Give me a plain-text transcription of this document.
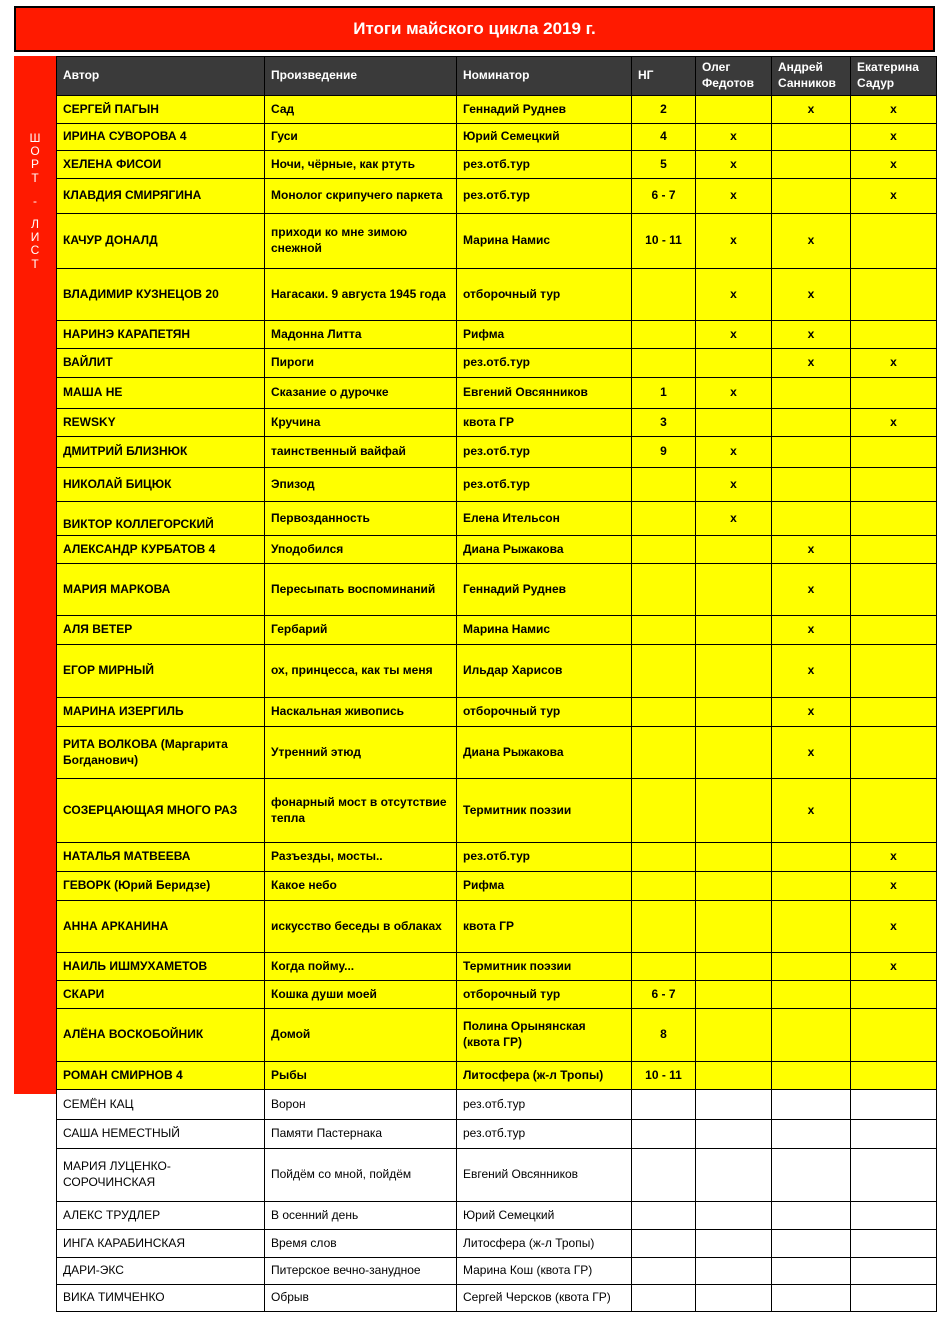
Итоги майского цикла 2019 г.
Ш
О
Р
Т
-
Л
И
С
Т
Автор	Произведение	Номинатор	НГ	Олег Федотов	Андрей Санников	Екатерина Садур
СЕРГЕЙ ПАГЫН	Сад	Геннадий Руднев	2		x	x
ИРИНА СУВОРОВА 4	Гуси	Юрий Семецкий	4	x		x
ХЕЛЕНА ФИСОИ	Ночи, чёрные, как ртуть	рез.отб.тур	5	x		x
КЛАВДИЯ СМИРЯГИНА	Монолог скрипучего паркета	рез.отб.тур	6 - 7	x		x
КАЧУР ДОНАЛД	приходи ко мне зимою снежной	Марина Намис	10 - 11	x	x	
ВЛАДИМИР КУЗНЕЦОВ 20	Нагасаки. 9 августа 1945 года	отборочный тур		x	x	
НАРИНЭ КАРАПЕТЯН	Мадонна Литта	Рифма		x	x	
ВАЙЛИТ	Пироги	рез.отб.тур			x	x
МАША НЕ	Сказание о дурочке	Евгений Овсянников	1	x		
REWSKY	Кручина	квота ГР	3			x
ДМИТРИЙ БЛИЗНЮК	таинственный вайфай	рез.отб.тур	9	x		
НИКОЛАЙ БИЦЮК	Эпизод	рез.отб.тур		x		
ВИКТОР КОЛЛЕГОРСКИЙ	Первозданность	Елена Ительсон		x		
АЛЕКСАНДР КУРБАТОВ 4	Уподобился	Диана Рыжакова			x	
МАРИЯ МАРКОВА	Пересыпать воспоминаний	Геннадий Руднев			x	
АЛЯ ВЕТЕР	Гербарий	Марина Намис			x	
ЕГОР МИРНЫЙ	ох, принцесса, как ты меня	Ильдар Харисов			x	
МАРИНА ИЗЕРГИЛЬ	Наскальная живопись	отборочный тур			x	
РИТА ВОЛКОВА (Маргарита Богданович)	Утренний этюд	Диана Рыжакова			x	
СОЗЕРЦАЮЩАЯ МНОГО РАЗ	фонарный мост в отсутствие тепла	Термитник поэзии			x	
НАТАЛЬЯ МАТВЕЕВА	Разъезды, мосты..	рез.отб.тур				x
ГЕВОРК (Юрий Беридзе)	Какое небо	Рифма				x
АННА АРКАНИНА	искусство беседы в облаках	квота ГР				x
НАИЛЬ ИШМУХАМЕТОВ	Когда пойму...	Термитник поэзии				x
СКАРИ	Кошка души моей	отборочный тур	6 - 7			
АЛЁНА ВОСКОБОЙНИК	Домой	Полина Орынянская (квота ГР)	8			
РОМАН СМИРНОВ 4	Рыбы	Литосфера (ж-л Тропы)	10 - 11			
СЕМЁН КАЦ	Ворон	рез.отб.тур				
САША НЕМЕСТНЫЙ	Памяти Пастернака	рез.отб.тур				
МАРИЯ ЛУЦЕНКО-СОРОЧИНСКАЯ	Пойдём со мной, пойдём	Евгений Овсянников				
АЛЕКС ТРУДЛЕР	В осенний день	Юрий Семецкий				
ИНГА КАРАБИНСКАЯ	Время слов	Литосфера (ж-л Тропы)				
ДАРИ-ЭКС	Питерское вечно-занудное	Марина Кош (квота ГР)				
ВИКА ТИМЧЕНКО	Обрыв	Сергей Черсков (квота ГР)				
